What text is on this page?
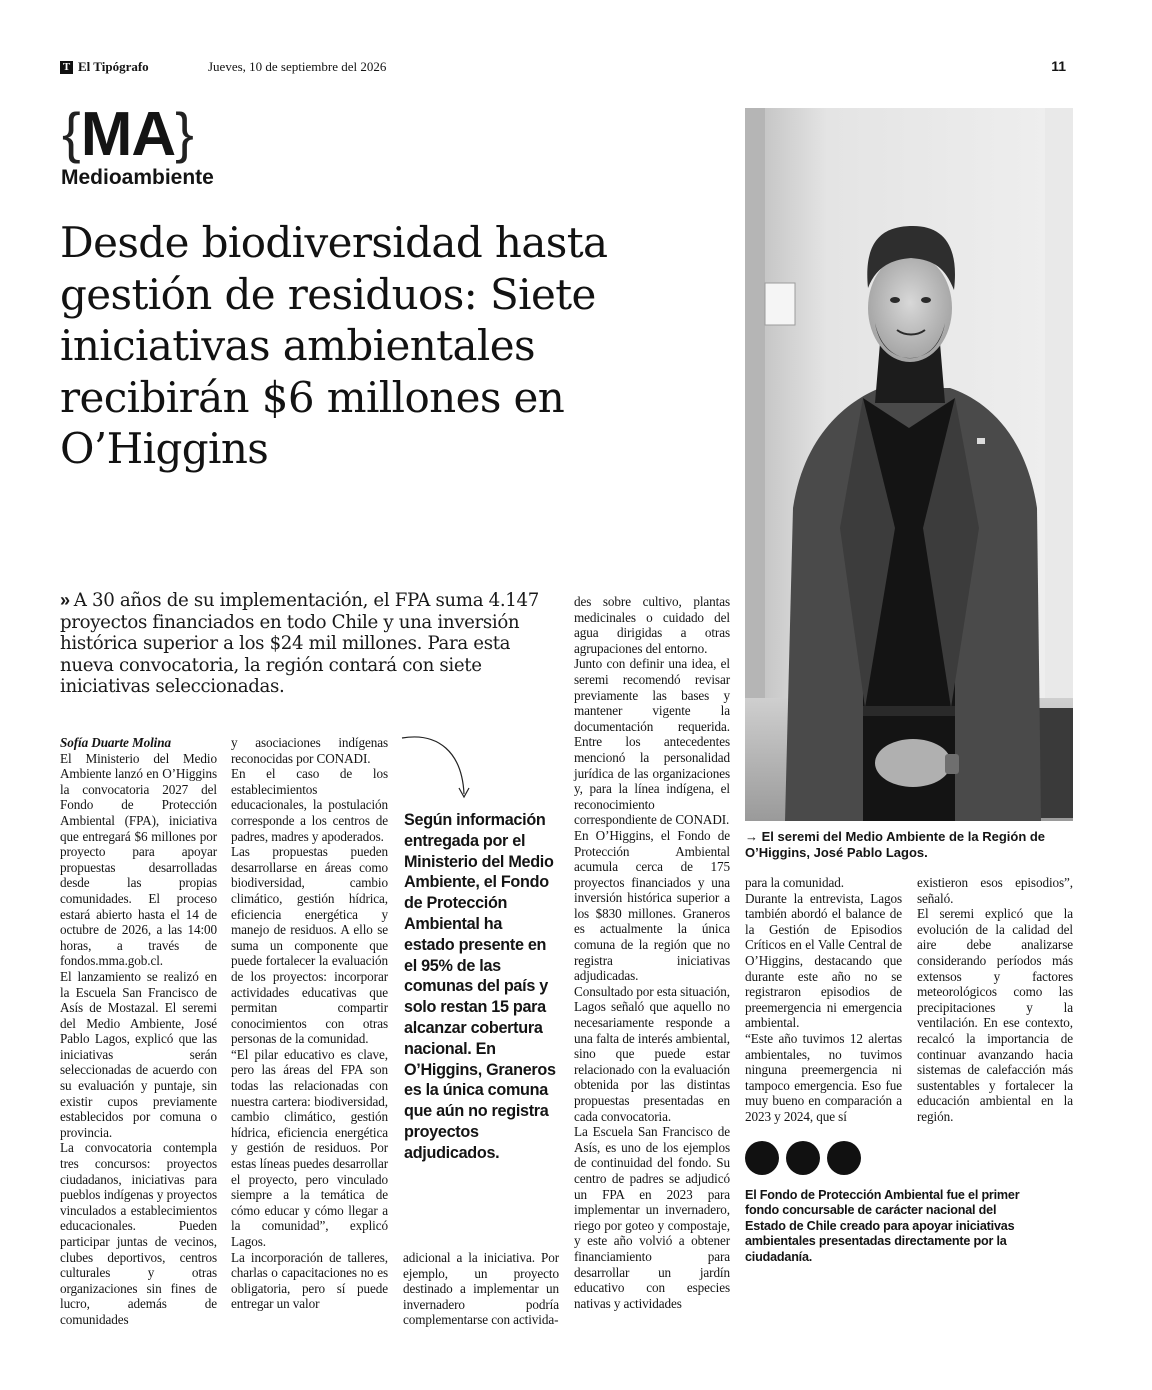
T El Tipógrafo	Jueves, 10 de septiembre del 2026	11
{MA}
Medioambiente
Desde biodiversidad hasta gestión de residuos: Siete iniciativas ambientales recibirán $6 millones en O’Higgins
» A 30 años de su implementación, el FPA suma 4.147 proyectos financiados en todo Chile y una inversión histórica superior a los $24 mil millones. Para esta nueva convocatoria, la región contará con siete iniciativas seleccionadas.
Sofía Duarte Molina
El Ministerio del Medio Ambiente lanzó en O’Higgins la convocatoria 2027 del Fondo de Protección Ambiental (FPA), iniciativa que entregará $6 millones por proyecto para apoyar propuestas desarrolladas desde las propias comunidades. El proceso estará abierto hasta el 14 de octubre de 2026, a las 14:00 horas, a través de fondos.mma.gob.cl.
El lanzamiento se realizó en la Escuela San Francisco de Asís de Mostazal. El seremi del Medio Ambiente, José Pablo Lagos, explicó que las iniciativas serán seleccionadas de acuerdo con su evaluación y puntaje, sin existir cupos previamente establecidos por comuna o provincia.
La convocatoria contempla tres concursos: proyectos ciudadanos, iniciativas para pueblos indígenas y proyectos vinculados a establecimientos educacionales. Pueden participar juntas de vecinos, clubes deportivos, centros culturales y otras organizaciones sin fines de lucro, además de comunidades
y asociaciones indígenas reconocidas por CONADI.
En el caso de los establecimientos educacionales, la postulación corresponde a los centros de padres, madres y apoderados.
Las propuestas pueden desarrollarse en áreas como biodiversidad, cambio climático, gestión hídrica, eficiencia energética y manejo de residuos. A ello se suma un componente que puede fortalecer la evaluación de los proyectos: incorporar actividades educativas que permitan compartir conocimientos con otras personas de la comunidad.
“El pilar educativo es clave, pero las áreas del FPA son todas las relacionadas con nuestra cartera: biodiversidad, cambio climático, gestión hídrica, eficiencia energética y gestión de residuos. Por estas líneas puedes desarrollar el proyecto, pero vinculado siempre a la temática de cómo educar y cómo llegar a la comunidad”, explicó Lagos.
La incorporación de talleres, charlas o capacitaciones no es obligatoria, pero sí puede entregar un valor
Según información entregada por el Ministerio del Medio Ambiente, el Fondo de Protección Ambiental ha estado presente en el 95% de las comunas del país y solo restan 15 para alcanzar cobertura nacional. En O’Higgins, Graneros es la única comuna que aún no registra proyectos adjudicados.
adicional a la iniciativa. Por ejemplo, un proyecto destinado a implementar un invernadero podría complementarse con activida-
des sobre cultivo, plantas medicinales o cuidado del agua dirigidas a otras agrupaciones del entorno.
Junto con definir una idea, el seremi recomendó revisar previamente las bases y mantener vigente la documentación requerida. Entre los antecedentes mencionó la personalidad jurídica de las organizaciones y, para la línea indígena, el reconocimiento correspondiente de CONADI.
En O’Higgins, el Fondo de Protección Ambiental acumula cerca de 175 proyectos financiados y una inversión histórica superior a los $830 millones. Graneros es actualmente la única comuna de la región que no registra iniciativas adjudicadas.
Consultado por esta situación, Lagos señaló que aquello no necesariamente responde a una falta de interés ambiental, sino que puede estar relacionado con la evaluación obtenida por las distintas propuestas presentadas en cada convocatoria.
La Escuela San Francisco de Asís, es uno de los ejemplos de continuidad del fondo. Su centro de padres se adjudicó un FPA en 2023 para implementar un invernadero, riego por goteo y compostaje, y este año volvió a obtener financiamiento para desarrollar un jardín educativo con especies nativas y actividades
→ El seremi del Medio Ambiente de la Región de O’Higgins, José Pablo Lagos.
para la comunidad.
Durante la entrevista, Lagos también abordó el balance de la Gestión de Episodios Críticos en el Valle Central de O’Higgins, destacando que durante este año no se registraron episodios de preemergencia ni emergencia ambiental.
“Este año tuvimos 12 alertas ambientales, no tuvimos ninguna preemergencia ni tampoco emergencia. Eso fue muy bueno en comparación a 2023 y 2024, que sí
existieron esos episodios”, señaló.
El seremi explicó que la evolución de la calidad del aire debe analizarse considerando períodos más extensos y factores meteorológicos como las precipitaciones y la ventilación. En ese contexto, recalcó la importancia de continuar avanzando hacia sistemas de calefacción más sustentables y fortalecer la educación ambiental en la región.
El Fondo de Protección Ambiental fue el primer fondo concursable de carácter nacional del Estado de Chile creado para apoyar iniciativas ambientales presentadas directamente por la ciudadanía.
